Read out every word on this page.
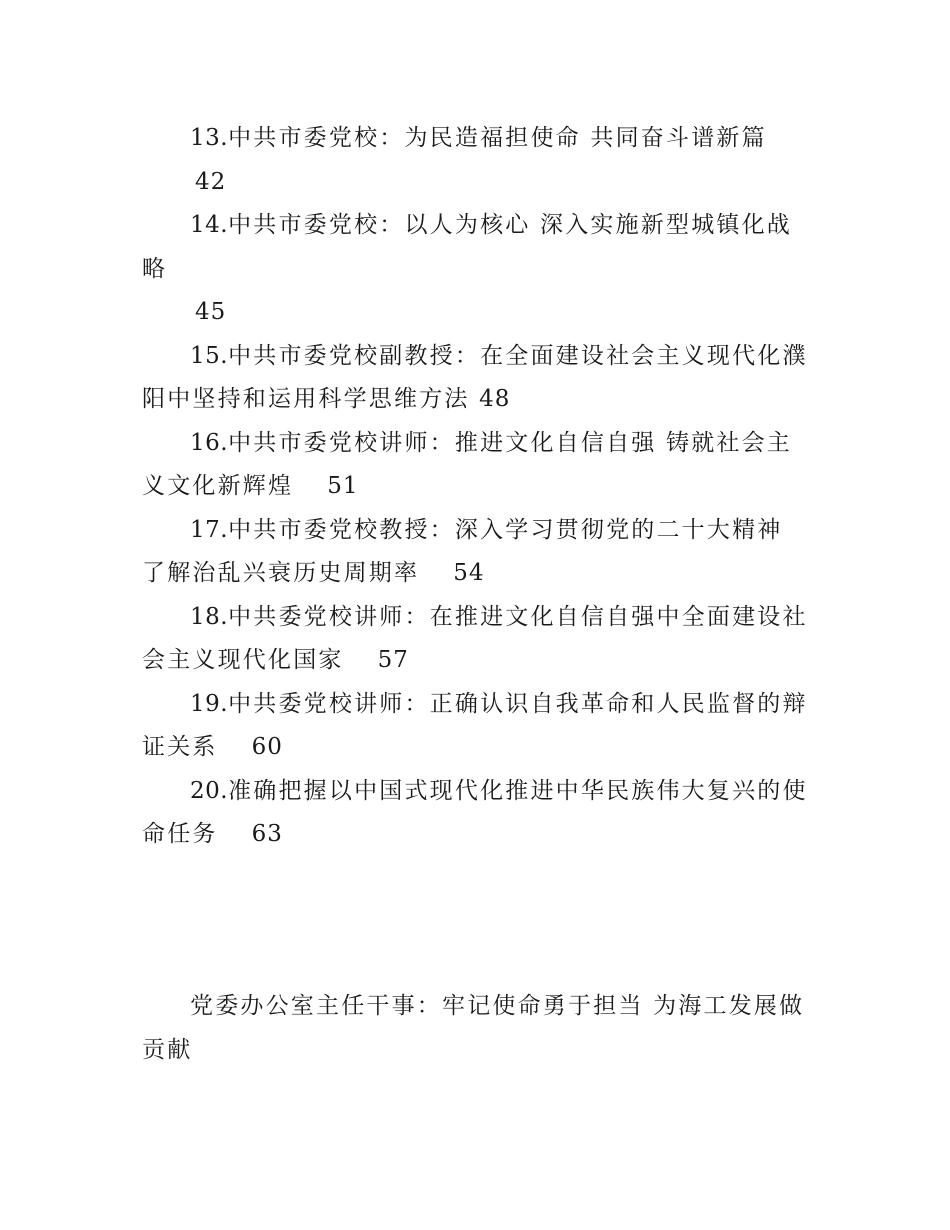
13.中共市委党校：为民造福担使命 共同奋斗谱新篇
42

14.中共市委党校：以人为核心 深入实施新型城镇化战略
45

15.中共市委党校副教授：在全面建设社会主义现代化濮阳中坚持和运用科学思维方法 48

16.中共市委党校讲师：推进文化自信自强 铸就社会主义文化新辉煌 51

17.中共市委党校教授：深入学习贯彻党的二十大精神 了解治乱兴衰历史周期率 54

18.中共委党校讲师：在推进文化自信自强中全面建设社会主义现代化国家 57

19.中共委党校讲师：正确认识自我革命和人民监督的辩证关系 60

20.准确把握以中国式现代化推进中华民族伟大复兴的使命任务 63

党委办公室主任干事：牢记使命勇于担当 为海工发展做贡献
